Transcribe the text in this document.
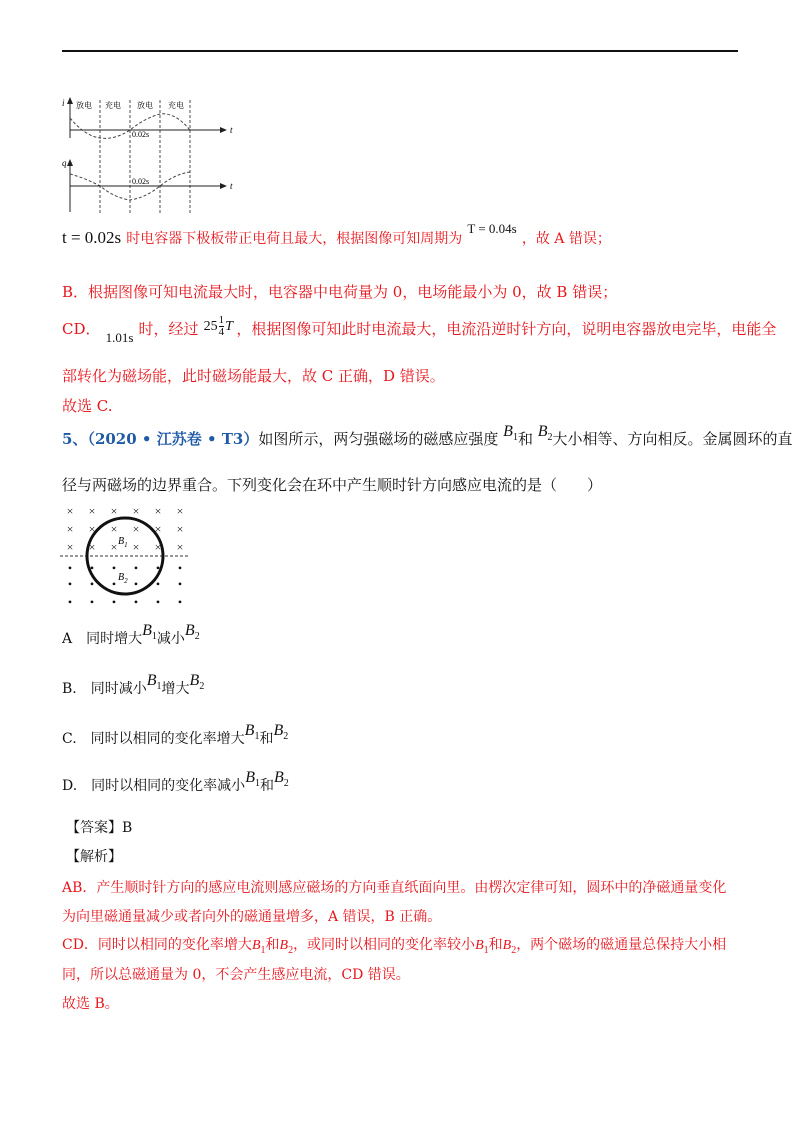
i
t
放电 充电 放电 充电
0.02s
q
t
0.02s
t = 0.02s 时电容器下极板带正电荷且最大，根据图像可知周期为 $^{T = 0.04s}$ ，故 A 错误；
B．根据图像可知电流最大时，电容器中电荷量为 0，电场能最小为 0，故 B 错误；
CD． $_{1.01s}$ 时，经过 $25 \frac{1}{4}$ T ，根据图像可知此时电流最大，电流沿逆时针方向，说明电容器放电完毕，电能全
部转化为磁场能，此时磁场能最大，故 C 正确，D 错误。
故选 C.
5、（2020 • 江苏卷 • T3）如图所示，两匀强磁场的磁感应强度 $B_1$和 $B_2$大小相等、方向相反。金属圆环的直
径与两磁场的边界重合。下列变化会在环中产生顺时针方向感应电流的是（　　）
× × × × × ×
× × × × × ×
× × × × × ×
• • • • • •
• • • • • •
• • • • • •
$B_1$
$B_2$
A　同时增大$B_1$减小$B_2$
B.　同时减小$B_1$增大$B_2$
C.　同时以相同的变化率增大$B_1$和$B_2$
D.　同时以相同的变化率减小$B_1$和$B_2$
【答案】B
【解析】
AB．产生顺时针方向的感应电流则感应磁场的方向垂直纸面向里。由楞次定律可知，圆环中的净磁通量变化
为向里磁通量减少或者向外的磁通量增多，A 错误，B 正确。
CD．同时以相同的变化率增大$B_1$和$B_2$，或同时以相同的变化率较小$B_1$和$B_2$，两个磁场的磁通量总保持大小相
同，所以总磁通量为 0，不会产生感应电流，CD 错误。
故选 B。
